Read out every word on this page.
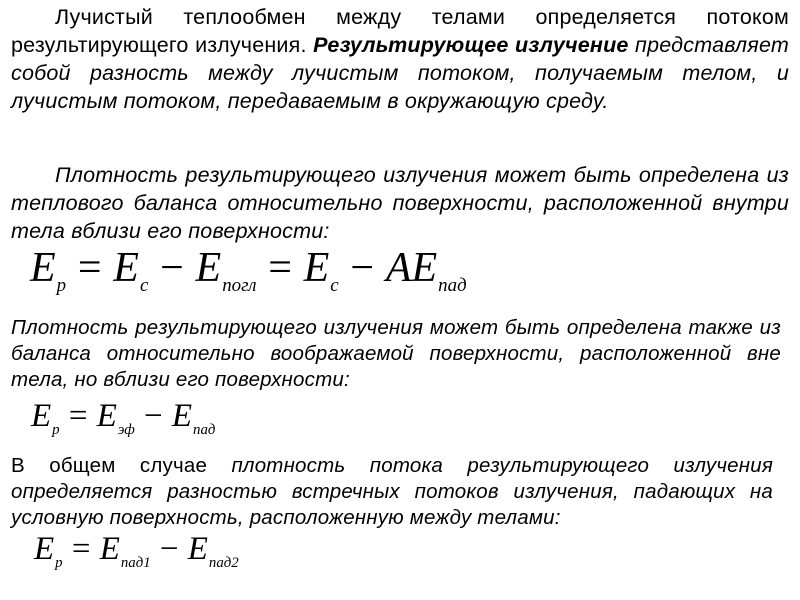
Лучистый теплообмен между телами определяется потоком результирующего излучения. Результирующее излучение представляет собой разность между лучистым потоком, получаемым телом, и лучистым потоком, передаваемым в окружающую среду.
Плотность результирующего излучения может быть определена из теплового баланса относительно поверхности, расположенной внутри тела вблизи его поверхности:
$E_р = E_с - E_{погл} = E_с - AE_{пад}$
Плотность результирующего излучения может быть определена также из баланса относительно воображаемой поверхности, расположенной вне тела, но вблизи его поверхности:
$E_р = E_{эф} - E_{пад}$
В общем случае плотность потока результирующего излучения определяется разностью встречных потоков излучения, падающих на условную поверхность, расположенную между телами:
$E_р = E_{пад1} - E_{пад2}$
